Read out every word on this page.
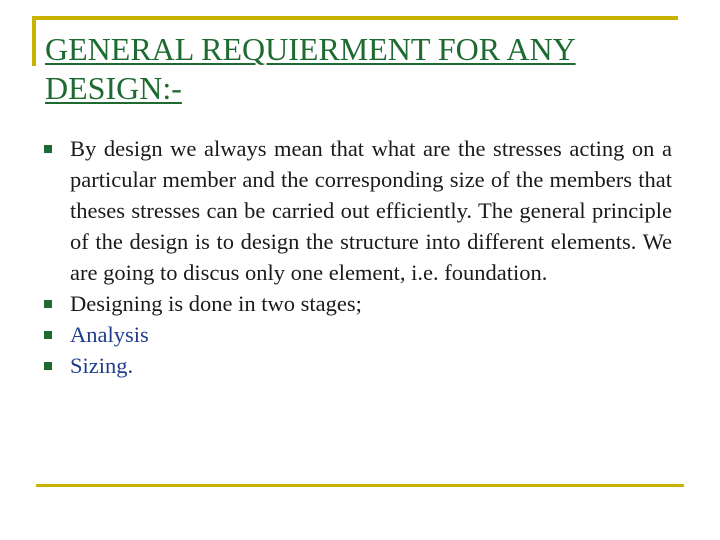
GENERAL REQUIERMENT FOR ANY
DESIGN:-
By design we always mean that what are the stresses acting on a particular member and the corresponding size of the members that theses stresses can be carried out efficiently. The general principle of the design is to design the structure into different elements. We are going to discus only one element, i.e. foundation.
Designing is done in two stages;
Analysis
Sizing.
